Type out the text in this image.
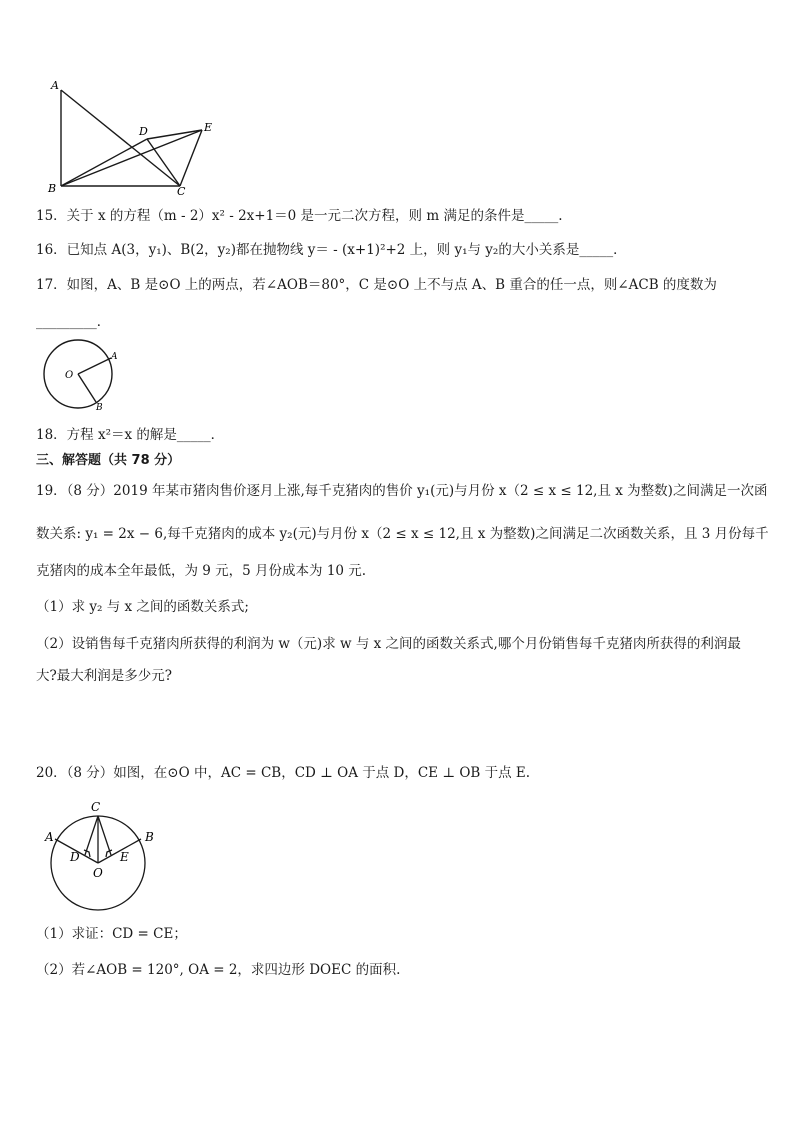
A
B	C
D	E
15．关于 x 的方程（m - 2）x² - 2x+1＝0 是一元二次方程，则 m 满足的条件是_____.
16．已知点 A(3，y₁)、B(2，y₂)都在抛物线 y＝ - (x+1)²+2 上，则 y₁与 y₂的大小关系是_____．
17．如图，A、B 是⊙O 上的两点，若∠AOB＝80°，C 是⊙O 上不与点 A、B 重合的任一点，则∠ACB 的度数为
_________．
O
A
B
18．方程 x²＝x 的解是_____．
三、解答题（共 78 分）
19．（8 分）2019 年某市猪肉售价逐月上涨,每千克猪肉的售价 y₁(元)与月份 x（2 ≤ x ≤ 12,且 x 为整数)之间满足一次函
数关系: y₁ = 2x − 6,每千克猪肉的成本 y₂(元)与月份 x（2 ≤ x ≤ 12,且 x 为整数)之间满足二次函数关系，且 3 月份每千
克猪肉的成本全年最低，为 9 元，5 月份成本为 10 元.
（1）求 y₂ 与 x 之间的函数关系式;
（2）设销售每千克猪肉所获得的利润为 w（元)求 w 与 x 之间的函数关系式,哪个月份销售每千克猪肉所获得的利润最
大?最大利润是多少元?
20．（8 分）如图，在⊙O 中，AC = CB，CD ⊥ OA 于点 D，CE ⊥ OB 于点 E.
C
A	B
D	E
O
（1）求证：CD = CE；
（2）若∠AOB = 120°, OA = 2，求四边形 DOEC 的面积.
